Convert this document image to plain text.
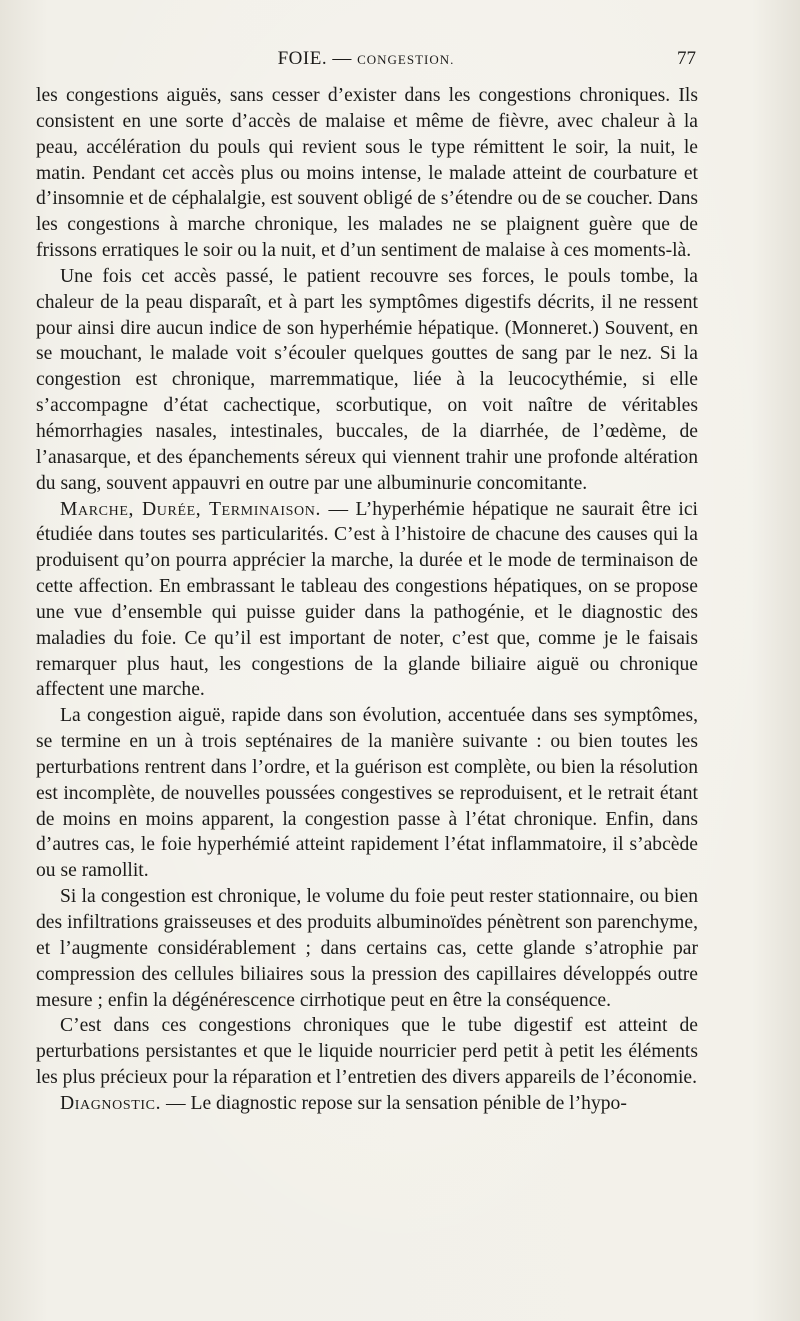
FOIE. — CONGESTION.	77

les congestions aiguës, sans cesser d’exister dans les congestions chroniques. Ils consistent en une sorte d’accès de malaise et même de fièvre, avec chaleur à la peau, accélération du pouls qui revient sous le type rémittent le soir, la nuit, le matin. Pendant cet accès plus ou moins intense, le malade atteint de courbature et d’insomnie et de céphalalgie, est souvent obligé de s’étendre ou de se coucher. Dans les congestions à marche chronique, les malades ne se plaignent guère que de frissons erratiques le soir ou la nuit, et d’un sentiment de malaise à ces moments-là.

Une fois cet accès passé, le patient recouvre ses forces, le pouls tombe, la chaleur de la peau disparaît, et à part les symptômes digestifs décrits, il ne ressent pour ainsi dire aucun indice de son hyperhémie hépatique. (Monneret.) Souvent, en se mouchant, le malade voit s’écouler quelques gouttes de sang par le nez. Si la congestion est chronique, marremmatique, liée à la leucocythémie, si elle s’accompagne d’état cachectique, scorbutique, on voit naître de véritables hémorrhagies nasales, intestinales, buccales, de la diarrhée, de l’œdème, de l’anasarque, et des épanchements séreux qui viennent trahir une profonde altération du sang, souvent appauvri en outre par une albuminurie concomitante.

Marche, Durée, Terminaison. — L’hyperhémie hépatique ne saurait être ici étudiée dans toutes ses particularités. C’est à l’histoire de chacune des causes qui la produisent qu’on pourra apprécier la marche, la durée et le mode de terminaison de cette affection. En embrassant le tableau des congestions hépatiques, on se propose une vue d’ensemble qui puisse guider dans la pathogénie, et le diagnostic des maladies du foie. Ce qu’il est important de noter, c’est que, comme je le faisais remarquer plus haut, les congestions de la glande biliaire aiguë ou chronique affectent une marche.

La congestion aiguë, rapide dans son évolution, accentuée dans ses symptômes, se termine en un à trois septénaires de la manière suivante : ou bien toutes les perturbations rentrent dans l’ordre, et la guérison est complète, ou bien la résolution est incomplète, de nouvelles poussées congestives se reproduisent, et le retrait étant de moins en moins apparent, la congestion passe à l’état chronique. Enfin, dans d’autres cas, le foie hyperhémié atteint rapidement l’état inflammatoire, il s’abcède ou se ramollit.

Si la congestion est chronique, le volume du foie peut rester stationnaire, ou bien des infiltrations graisseuses et des produits albuminoïdes pénètrent son parenchyme, et l’augmente considérablement ; dans certains cas, cette glande s’atrophie par compression des cellules biliaires sous la pression des capillaires développés outre mesure ; enfin la dégénérescence cirrhotique peut en être la conséquence.

C’est dans ces congestions chroniques que le tube digestif est atteint de perturbations persistantes et que le liquide nourricier perd petit à petit les éléments les plus précieux pour la réparation et l’entretien des divers appareils de l’économie.

Diagnostic. — Le diagnostic repose sur la sensation pénible de l’hypo-
